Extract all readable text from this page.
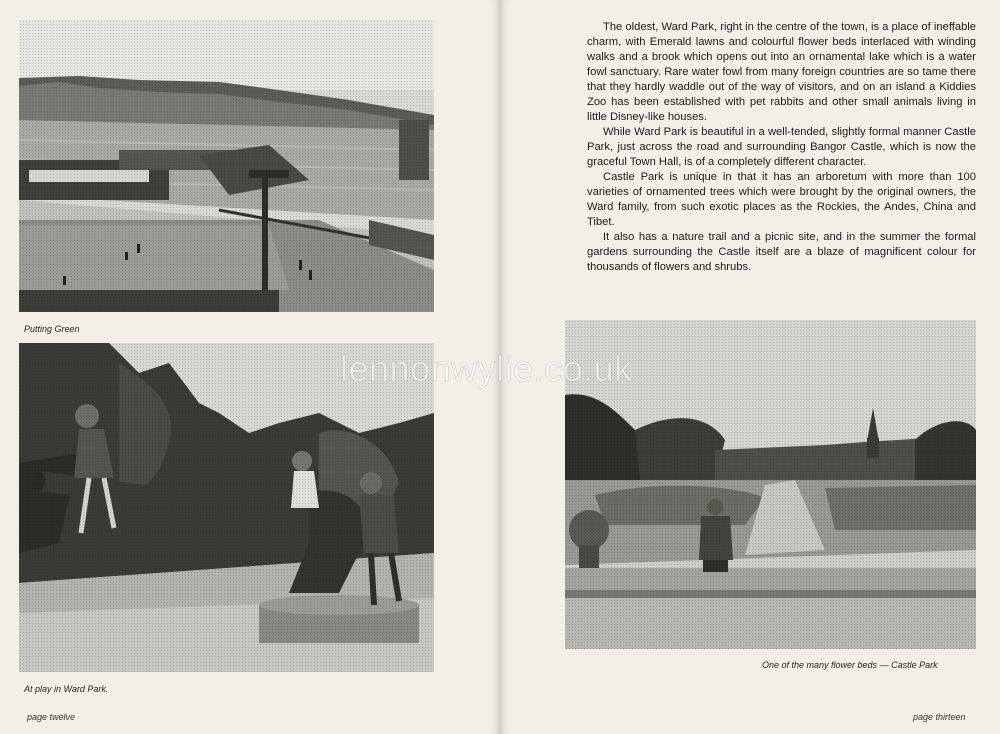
Putting Green
At play in Ward Park.
page twelve

The oldest, Ward Park, right in the centre of the town, is a place of ineffable charm, with Emerald lawns and colourful flower beds interlaced with winding walks and a brook which opens out into an ornamental lake which is a water fowl sanctuary. Rare water fowl from many foreign countries are so tame there that they hardly waddle out of the way of visitors, and on an island a Kiddies Zoo has been established with pet rabbits and other small animals living in little Disney-like houses.

While Ward Park is beautiful in a well-tended, slightly formal manner Castle Park, just across the road and surrounding Bangor Castle, which is now the graceful Town Hall, is of a completely different character.

Castle Park is unique in that it has an arboretum with more than 100 varieties of ornamented trees which were brought by the original owners, the Ward family, from such exotic places as the Rockies, the Andes, China and Tibet.

It also has a nature trail and a picnic site, and in the summer the formal gardens surrounding the Castle itself are a blaze of magnificent colour for thousands of flowers and shrubs.

One of the many flower beds — Castle Park
page thirteen
lennonwylie.co.uk
